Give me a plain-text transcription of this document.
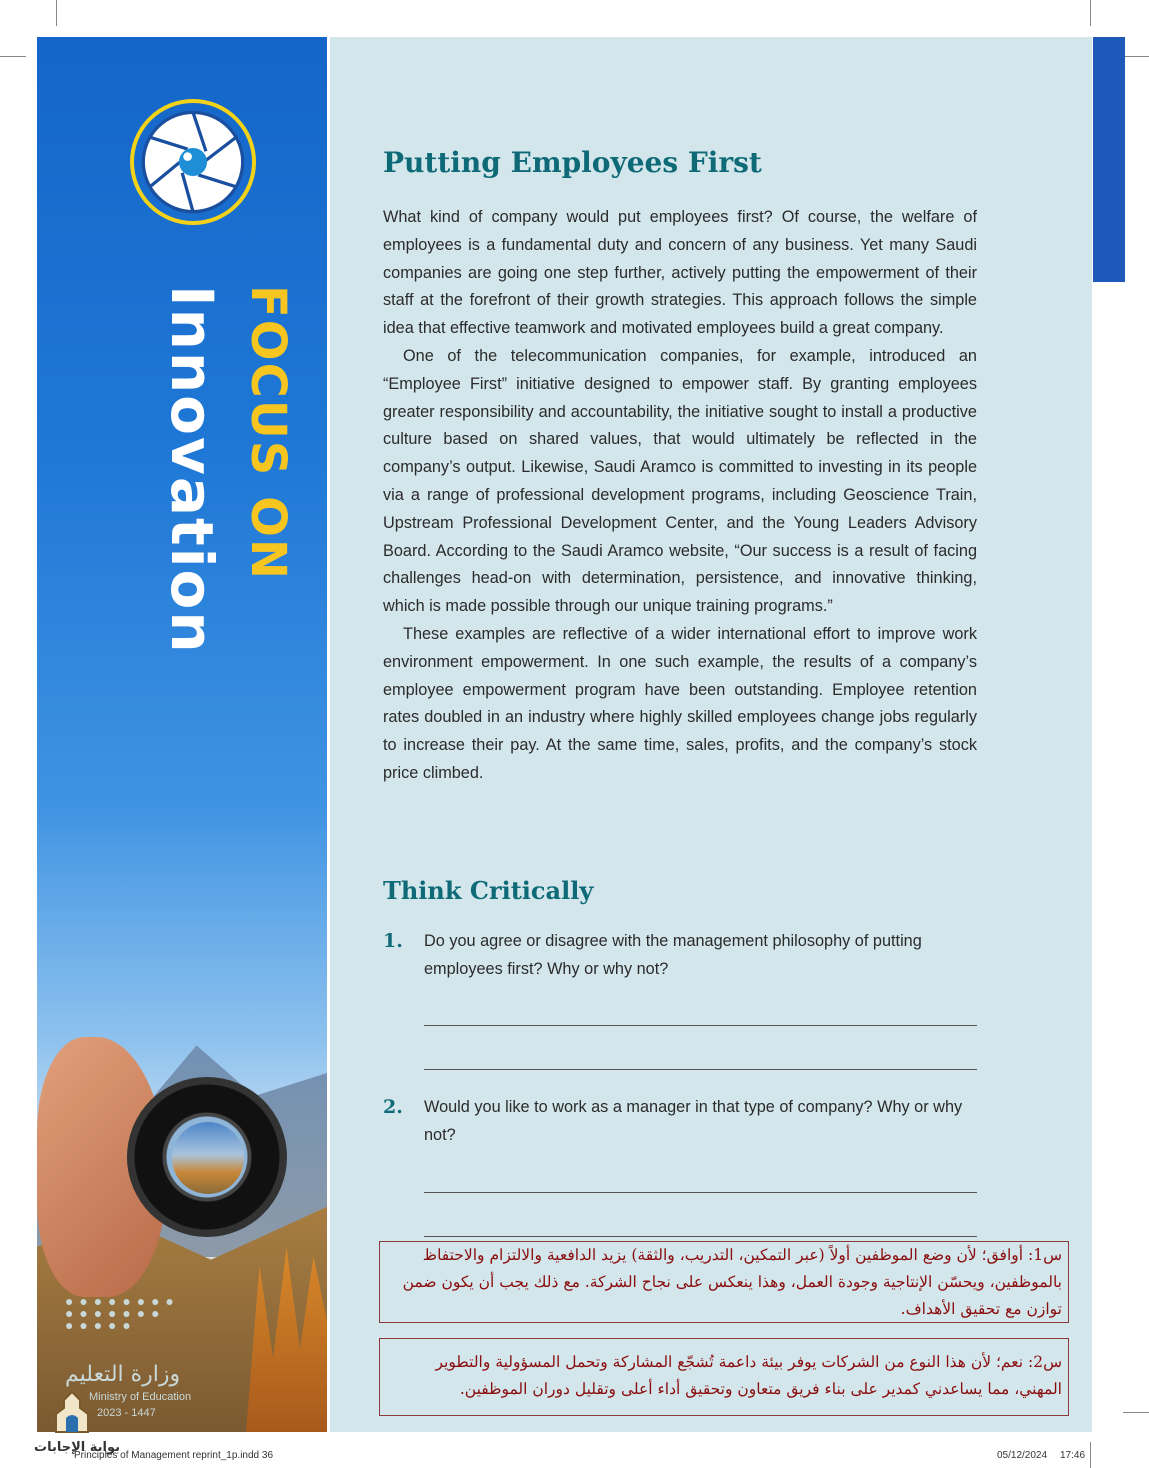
FOCUS ON
Innovation
● ● ● ● ● ● ● ●
● ● ● ● ● ● ●
● ● ● ● ●
وزارة التعليم
Ministry of Education
2023 - 1447
Putting Employees First

What kind of company would put employees first? Of course, the welfare of employees is a fundamental duty and concern of any business. Yet many Saudi companies are going one step further, actively putting the empowerment of their staff at the forefront of their growth strategies. This approach follows the simple idea that effective teamwork and motivated employees build a great company.

One of the telecommunication companies, for example, introduced an “Employee First” initiative designed to empower staff. By granting employees greater responsibility and accountability, the initiative sought to install a productive culture based on shared values, that would ultimately be reflected in the company’s output. Likewise, Saudi Aramco is committed to investing in its people via a range of professional development programs, including Geoscience Train, Upstream Professional Development Center, and the Young Leaders Advisory Board. According to the Saudi Aramco website, “Our success is a result of facing challenges head-on with determination, persistence, and innovative thinking, which is made possible through our unique training programs.”

These examples are reflective of a wider international effort to improve work environment empowerment. In one such example, the results of a company’s employee empowerment program have been outstanding. Employee retention rates doubled in an industry where highly skilled employees change jobs regularly to increase their pay. At the same time, sales, profits, and the company’s stock price climbed.

Think Critically
1. Do you agree or disagree with the management philosophy of putting employees first? Why or why not?
2. Would you like to work as a manager in that type of company? Why or why not?
س1: أوافق؛ لأن وضع الموظفين أولاً (عبر التمكين، التدريب، والثقة) يزيد الدافعية والالتزام والاحتفاظ بالموظفين، ويحسّن الإنتاجية وجودة العمل، وهذا ينعكس على نجاح الشركة. مع ذلك يجب أن يكون ضمن توازن مع تحقيق الأهداف.
س2: نعم؛ لأن هذا النوع من الشركات يوفر بيئة داعمة تُشجّع المشاركة وتحمل المسؤولية والتطوير المهني، مما يساعدني كمدير على بناء فريق متعاون وتحقيق أداء أعلى وتقليل دوران الموظفين.
بوابة الإجابات
Principles of Management reprint_1p.indd 36	05/12/2024 17:46
